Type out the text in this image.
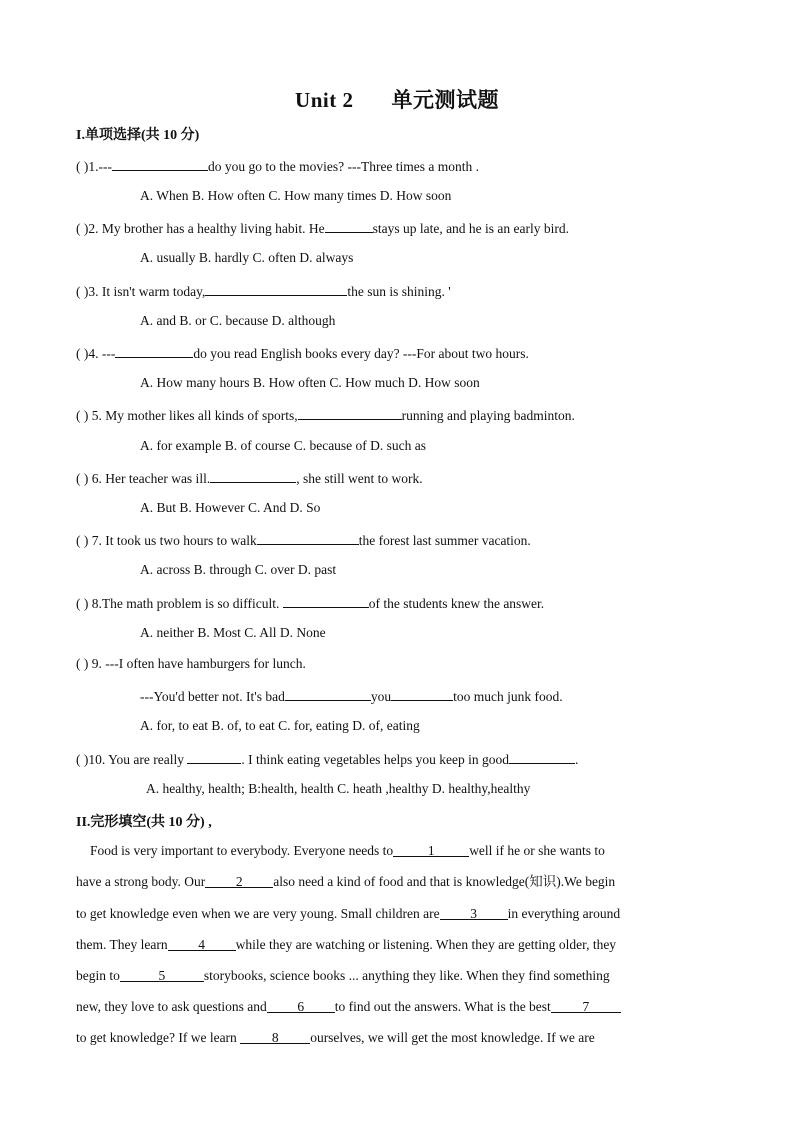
Unit 2 单元测试题
I.单项选择(共 10 分)
( )1.---	do you go to the movies? ---Three times a month .
A. When B. How often C. How many times D. How soon
( )2. My brother has a healthy living habit. He	stays up late, and he is an early bird.
A. usually B. hardly C. often D. always
( )3. It isn't warm today,	the sun is shining. '
A. and B. or C. because D. although
( )4. ---	do you read English books every day? ---For about two hours.
A. How many hours B. How often C. How much D. How soon
( ) 5. My mother likes all kinds of sports,	running and playing badminton.
A. for example B. of course C. because of D. such as
( ) 6. Her teacher was ill.	, she still went to work.
A. But B. However C. And D. So
( ) 7. It took us two hours to walk	the forest last summer vacation.
A. across B. through C. over D. past
( ) 8.The math problem is so difficult.	of the students knew the answer.
A. neither B. Most C. All D. None
( ) 9. ---I often have hamburgers for lunch.
---You'd better not. It's bad	you	too much junk food.
A. for, to eat B. of, to eat C. for, eating D. of, eating
( )10. You are really	. I think eating vegetables helps you keep in good	.
A. healthy, health; B:health, health C. heath ,healthy D. healthy,healthy
II.完形填空(共 10 分) ,
Food is very important to everybody. Everyone needs to	1	well if he or she wants to
have a strong body. Our 2 also need a kind of food and that is knowledge(知识).We begin
to get knowledge even when we are very young. Small children are 3 in everything around
them. They learn 4 while they are watching or listening. When they are getting older, they
begin to	5	storybooks, science books ... anything they like. When they find something
new, they love to ask questions and 6 to find out the answers. What is the best 7
to get knowledge? If we learn	8 ourselves, we will get the most knowledge. If we are
